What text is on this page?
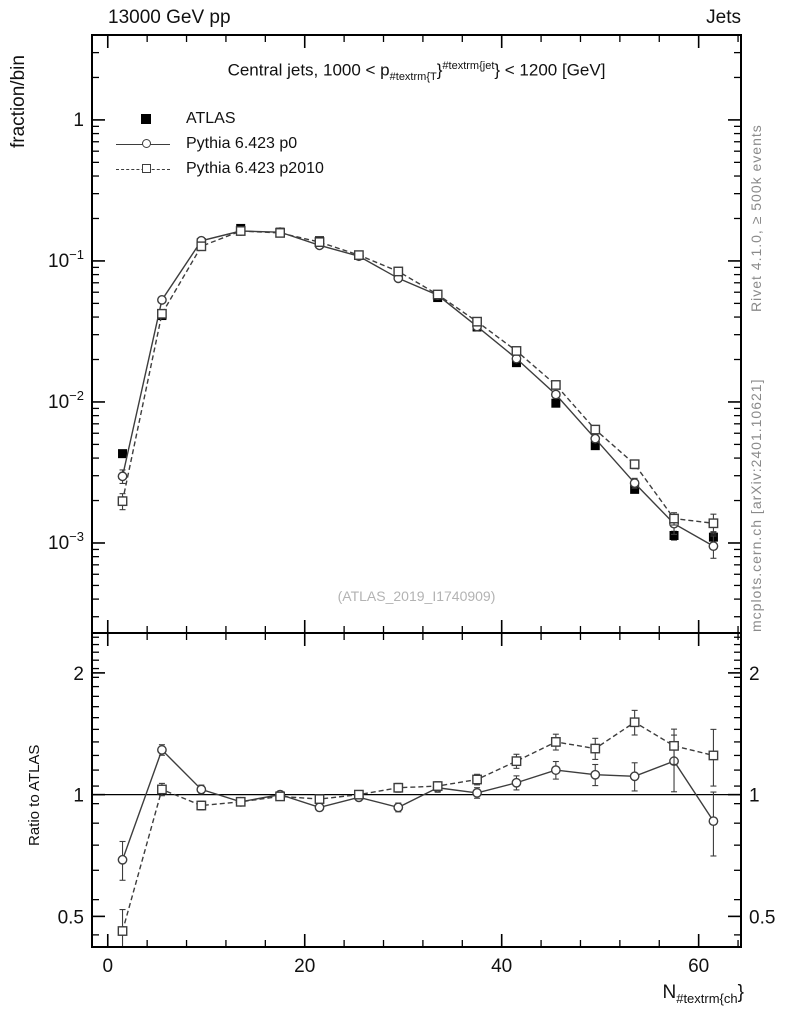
1
$10^{-1}$
$10^{-2}$
$10^{-3}$
2	2
1	1
0.5	0.5
0	20	40	60
13000 GeV pp	Jets
fraction/bin
Ratio to ATLAS
Rivet 4.1.0, ≥ 500k events
mcplots.cern.ch [arXiv:2401.10621]
Central jets, $1000 < p_{\#textrm\{T}\}^{\#textrm\{jet}\} < 1200$ [GeV]
ATLAS
Pythia 6.423 p0
Pythia 6.423 p2010
(ATLAS_2019_I1740909)
$N_{\#textrm\{ch}$}
